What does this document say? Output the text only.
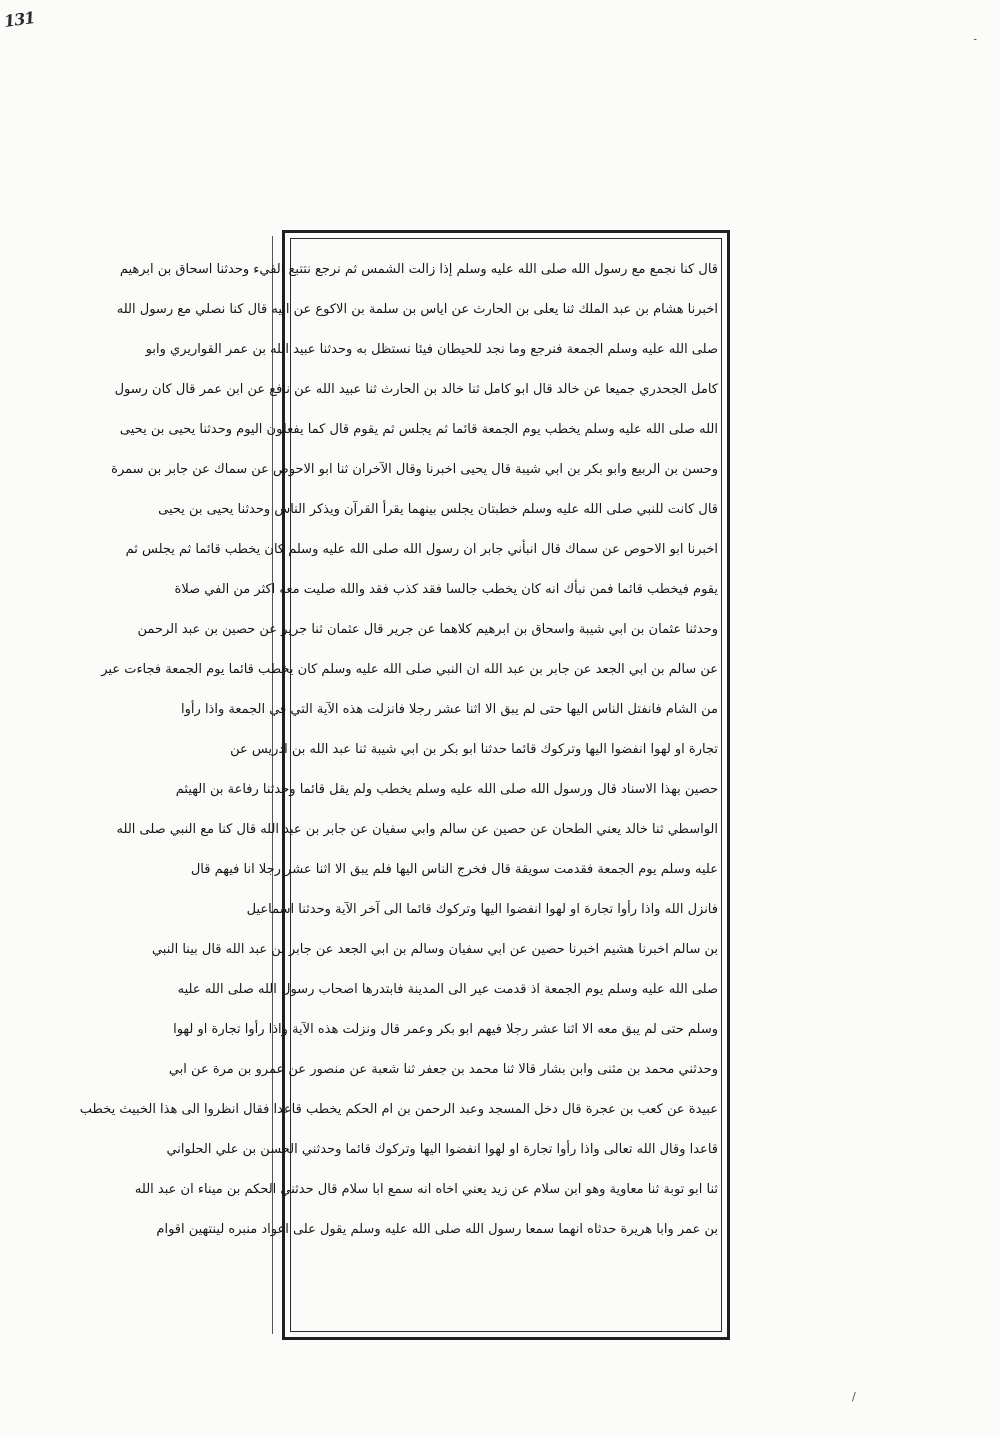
131
۔
/
قال كنا نجمع مع رسول الله صلى الله عليه وسلم إذا زالت الشمس ثم نرجع نتتبع الفيء وحدثنا اسحاق بن ابرهيم
اخبرنا هشام بن عبد الملك ثنا يعلى بن الحارث عن اياس بن سلمة بن الاكوع عن ابيه قال كنا نصلي مع رسول الله
صلى الله عليه وسلم الجمعة فنرجع وما نجد للحيطان فيئا نستظل به وحدثنا عبيد الله بن عمر القواريري وابو
كامل الجحدري جميعا عن خالد قال ابو كامل ثنا خالد بن الحارث ثنا عبيد الله عن نافع عن ابن عمر قال كان رسول
الله صلى الله عليه وسلم يخطب يوم الجمعة قائما ثم يجلس ثم يقوم قال كما يفعلون اليوم وحدثنا يحيى بن يحيى
وحسن بن الربيع وابو بكر بن ابي شيبة قال يحيى اخبرنا وقال الآخران ثنا ابو الاحوص عن سماك عن جابر بن سمرة
قال كانت للنبي صلى الله عليه وسلم خطبتان يجلس بينهما يقرأ القرآن ويذكر الناس وحدثنا يحيى بن يحيى
اخبرنا ابو الاحوص عن سماك قال انبأني جابر ان رسول الله صلى الله عليه وسلم كان يخطب قائما ثم يجلس ثم
يقوم فيخطب قائما فمن نبأك انه كان يخطب جالسا فقد كذب فقد والله صليت معه اكثر من الفي صلاة
وحدثنا عثمان بن ابي شيبة واسحاق بن ابرهيم كلاهما عن جرير قال عثمان ثنا جرير عن حصين بن عبد الرحمن
عن سالم بن ابي الجعد عن جابر بن عبد الله ان النبي صلى الله عليه وسلم كان يخطب قائما يوم الجمعة فجاءت عير
من الشام فانفتل الناس اليها حتى لم يبق الا اثنا عشر رجلا فانزلت هذه الآية التي في الجمعة واذا رأوا
تجارة او لهوا انفضوا اليها وتركوك قائما حدثنا ابو بكر بن ابي شيبة ثنا عبد الله بن ادريس عن
حصين بهذا الاسناد قال ورسول الله صلى الله عليه وسلم يخطب ولم يقل قائما وحدثنا رفاعة بن الهيثم
الواسطي ثنا خالد يعني الطحان عن حصين عن سالم وابي سفيان عن جابر بن عبد الله قال كنا مع النبي صلى الله
عليه وسلم يوم الجمعة فقدمت سويقة قال فخرج الناس اليها فلم يبق الا اثنا عشر رجلا انا فيهم قال
فانزل الله واذا رأوا تجارة او لهوا انفضوا اليها وتركوك قائما الى آخر الآية وحدثنا اسماعيل
بن سالم اخبرنا هشيم اخبرنا حصين عن ابي سفيان وسالم بن ابي الجعد عن جابر بن عبد الله قال بينا النبي
صلى الله عليه وسلم يوم الجمعة اذ قدمت عير الى المدينة فابتدرها اصحاب رسول الله صلى الله عليه
وسلم حتى لم يبق معه الا اثنا عشر رجلا فيهم ابو بكر وعمر قال ونزلت هذه الآية واذا رأوا تجارة او لهوا
وحدثني محمد بن مثنى وابن بشار قالا ثنا محمد بن جعفر ثنا شعبة عن منصور عن عمرو بن مرة عن ابي
عبيدة عن كعب بن عجرة قال دخل المسجد وعبد الرحمن بن ام الحكم يخطب قاعدا فقال انظروا الى هذا الخبيث يخطب
قاعدا وقال الله تعالى واذا رأوا تجارة او لهوا انفضوا اليها وتركوك قائما وحدثني الحسن بن علي الحلواني
ثنا ابو توبة ثنا معاوية وهو ابن سلام عن زيد يعني اخاه انه سمع ابا سلام قال حدثني الحكم بن ميناء ان عبد الله
بن عمر وابا هريرة حدثاه انهما سمعا رسول الله صلى الله عليه وسلم يقول على اعواد منبره لينتهين اقوام
